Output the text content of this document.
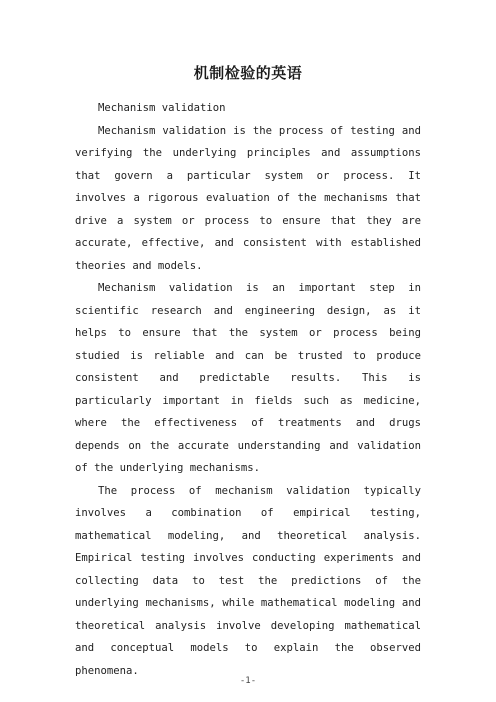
机制检验的英语

Mechanism validation

Mechanism validation is the process of testing and verifying the underlying principles and assumptions that govern a particular system or process. It involves a rigorous evaluation of the mechanisms that drive a system or process to ensure that they are accurate, effective, and consistent with established theories and models.

Mechanism validation is an important step in scientific research and engineering design, as it helps to ensure that the system or process being studied is reliable and can be trusted to produce consistent and predictable results. This is particularly important in fields such as medicine, where the effectiveness of treatments and drugs depends on the accurate understanding and validation of the underlying mechanisms.

The process of mechanism validation typically involves a combination of empirical testing, mathematical modeling, and theoretical analysis. Empirical testing involves conducting experiments and collecting data to test the predictions of the underlying mechanisms, while mathematical modeling and theoretical analysis involve developing mathematical and conceptual models to explain the observed phenomena.

-1-
